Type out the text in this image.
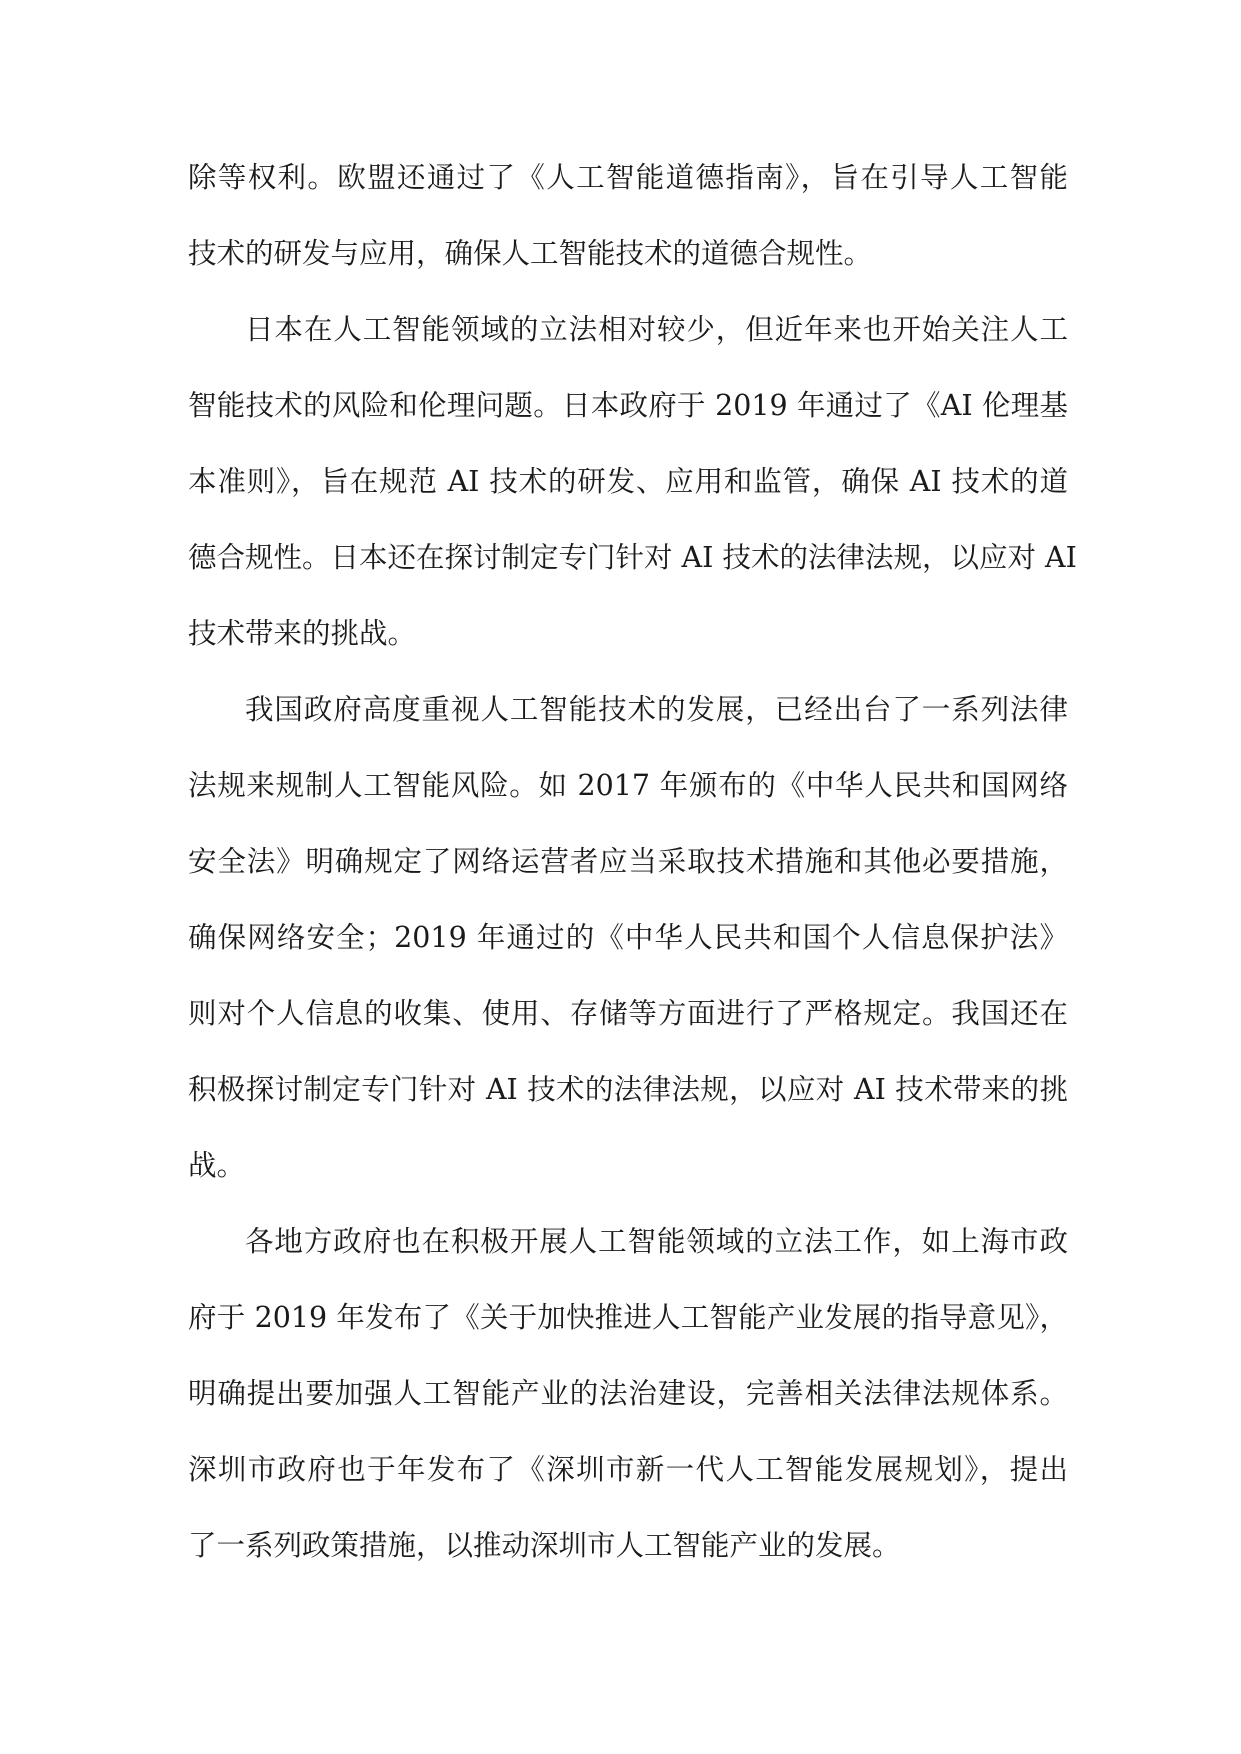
除等权利。欧盟还通过了《人工智能道德指南》，旨在引导人工智能
技术的研发与应用，确保人工智能技术的道德合规性。
日本在人工智能领域的立法相对较少，但近年来也开始关注人工
智能技术的风险和伦理问题。日本政府于 2019 年通过了《AI 伦理基
本准则》，旨在规范 AI 技术的研发、应用和监管，确保 AI 技术的道
德合规性。日本还在探讨制定专门针对 AI 技术的法律法规，以应对 AI
技术带来的挑战。
我国政府高度重视人工智能技术的发展，已经出台了一系列法律
法规来规制人工智能风险。如 2017 年颁布的《中华人民共和国网络
安全法》明确规定了网络运营者应当采取技术措施和其他必要措施，
确保网络安全；2019 年通过的《中华人民共和国个人信息保护法》
则对个人信息的收集、使用、存储等方面进行了严格规定。我国还在
积极探讨制定专门针对 AI 技术的法律法规，以应对 AI 技术带来的挑
战。
各地方政府也在积极开展人工智能领域的立法工作，如上海市政
府于 2019 年发布了《关于加快推进人工智能产业发展的指导意见》，
明确提出要加强人工智能产业的法治建设，完善相关法律法规体系。
深圳市政府也于年发布了《深圳市新一代人工智能发展规划》，提出
了一系列政策措施，以推动深圳市人工智能产业的发展。
